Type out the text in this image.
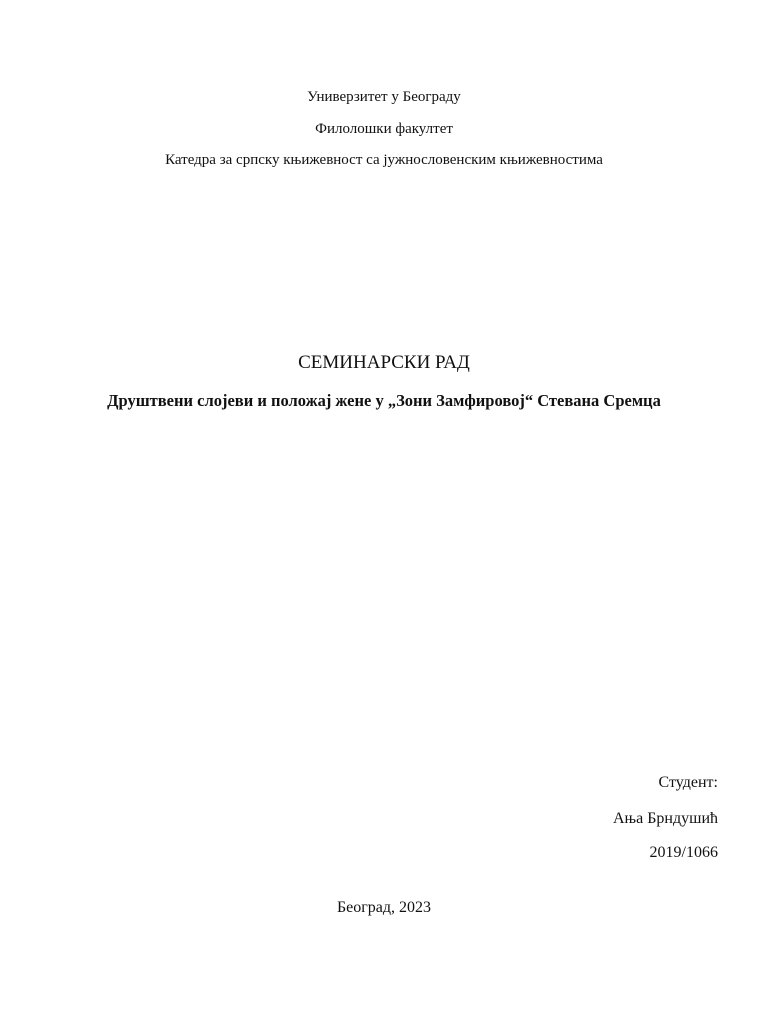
Универзитет у Београду
Филолошки факултет
Катедра за српску књижевност са јужнословенским књижевностима
СЕМИНАРСКИ РАД
Друштвени слојеви и положај жене у „Зони Замфировој“ Стевана Сремца
Студент:
Ања Брндушић
2019/1066
Београд, 2023
